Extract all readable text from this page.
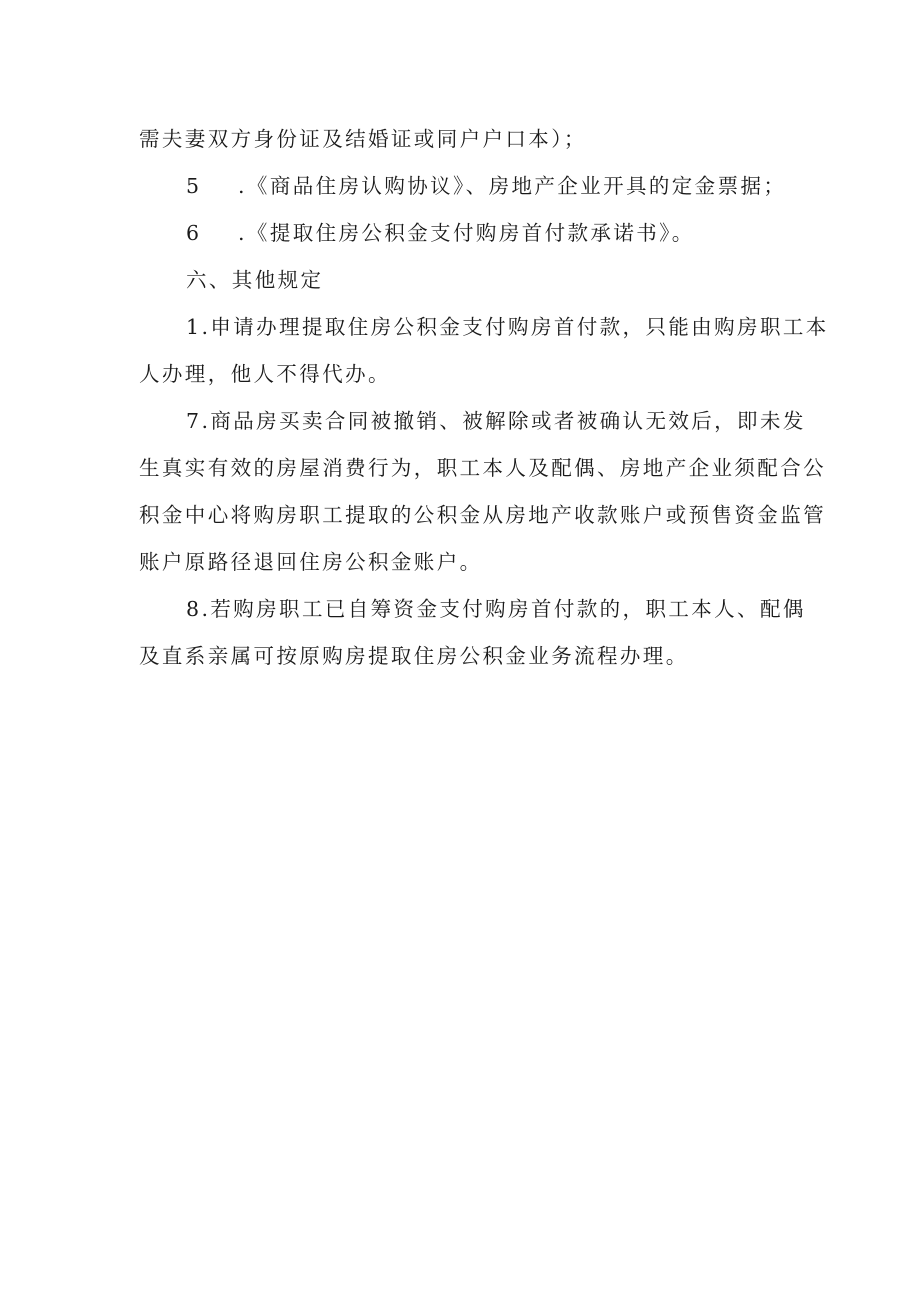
需夫妻双方身份证及结婚证或同户户口本）；
5 .《商品住房认购协议》、房地产企业开具的定金票据；
6 .《提取住房公积金支付购房首付款承诺书》。
六、其他规定
1.申请办理提取住房公积金支付购房首付款，只能由购房职工本
人办理，他人不得代办。
7.商品房买卖合同被撤销、被解除或者被确认无效后，即未发
生真实有效的房屋消费行为，职工本人及配偶、房地产企业须配合公
积金中心将购房职工提取的公积金从房地产收款账户或预售资金监管
账户原路径退回住房公积金账户。
8.若购房职工已自筹资金支付购房首付款的，职工本人、配偶
及直系亲属可按原购房提取住房公积金业务流程办理。
